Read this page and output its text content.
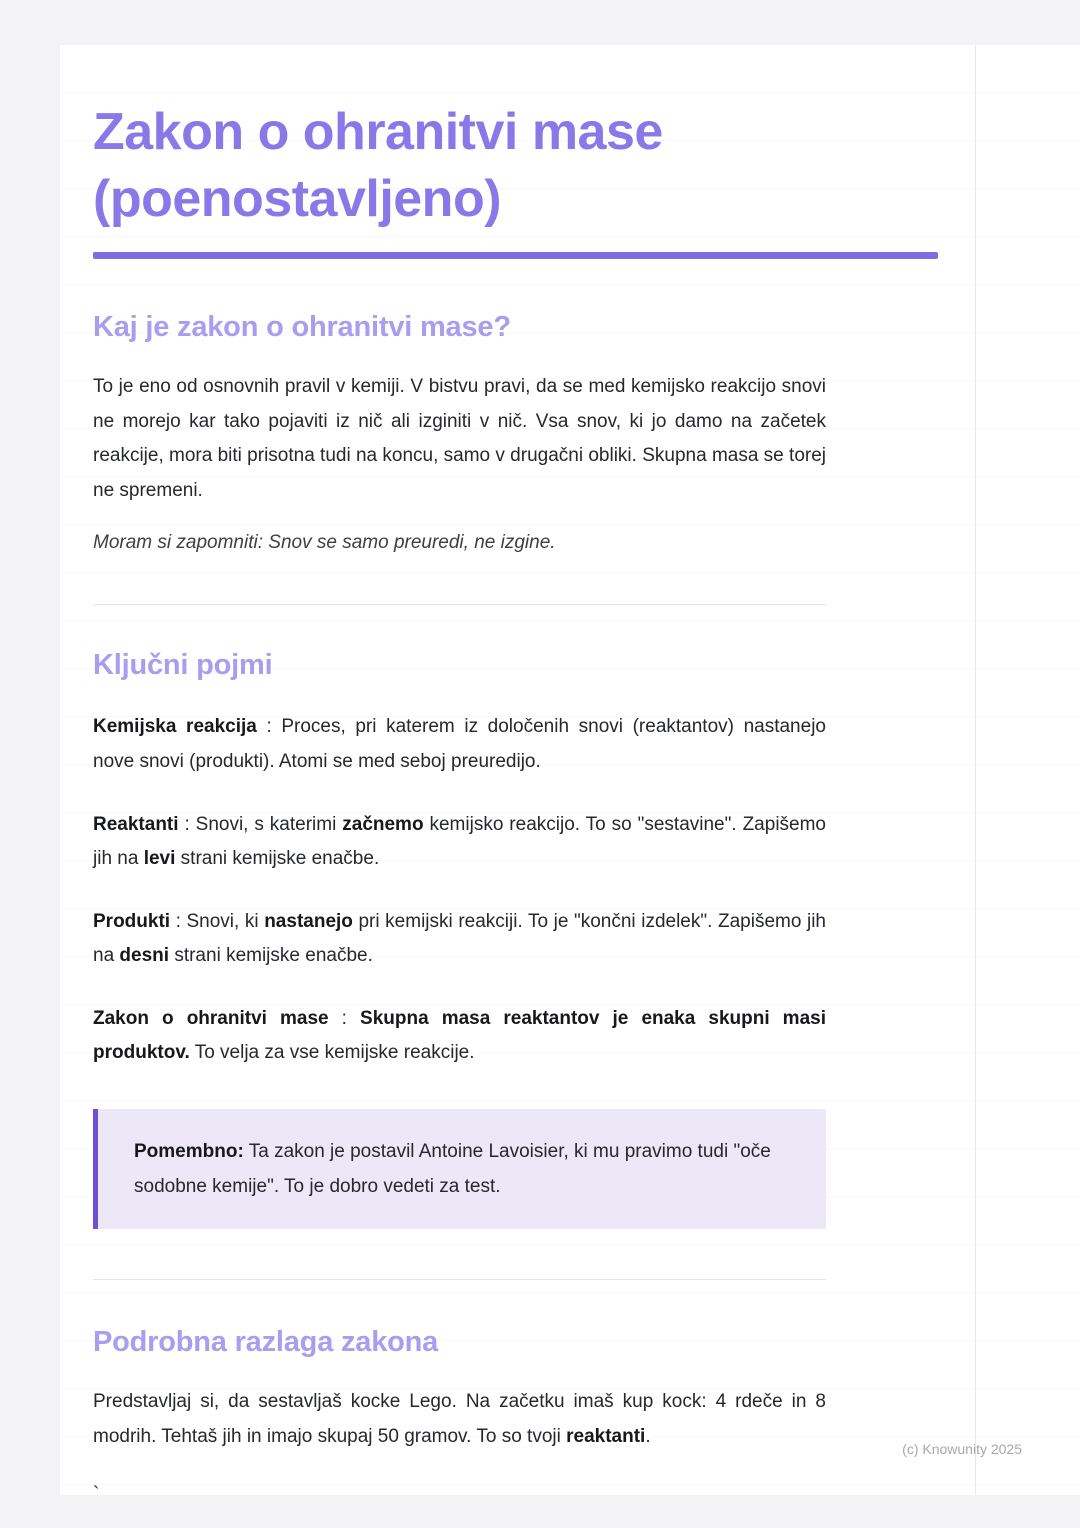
Zakon o ohranitvi mase
(poenostavljeno)
Kaj je zakon o ohranitvi mase?

To je eno od osnovnih pravil v kemiji. V bistvu pravi, da se med kemijsko reakcijo snovi ne morejo kar tako pojaviti iz nič ali izginiti v nič. Vsa snov, ki jo damo na začetek reakcije, mora biti prisotna tudi na koncu, samo v drugačni obliki. Skupna masa se torej ne spremeni.

Moram si zapomniti: Snov se samo preuredi, ne izgine.

Ključni pojmi

Kemijska reakcija : Proces, pri katerem iz določenih snovi (reaktantov) nastanejo nove snovi (produkti). Atomi se med seboj preuredijo.

Reaktanti : Snovi, s katerimi začnemo kemijsko reakcijo. To so "sestavine". Zapišemo jih na levi strani kemijske enačbe.

Produkti : Snovi, ki nastanejo pri kemijski reakciji. To je "končni izdelek". Zapišemo jih na desni strani kemijske enačbe.

Zakon o ohranitvi mase : Skupna masa reaktantov je enaka skupni masi produktov. To velja za vse kemijske reakcije.

Pomembno: Ta zakon je postavil Antoine Lavoisier, ki mu pravimo tudi "oče sodobne kemije". To je dobro vedeti za test.
Podrobna razlaga zakona

Predstavljaj si, da sestavljaš kocke Lego. Na začetku imaš kup kock: 4 rdeče in 8 modrih. Tehtaš jih in imajo skupaj 50 gramov. To so tvoji reaktanti.

`

(c) Knowunity 2025
